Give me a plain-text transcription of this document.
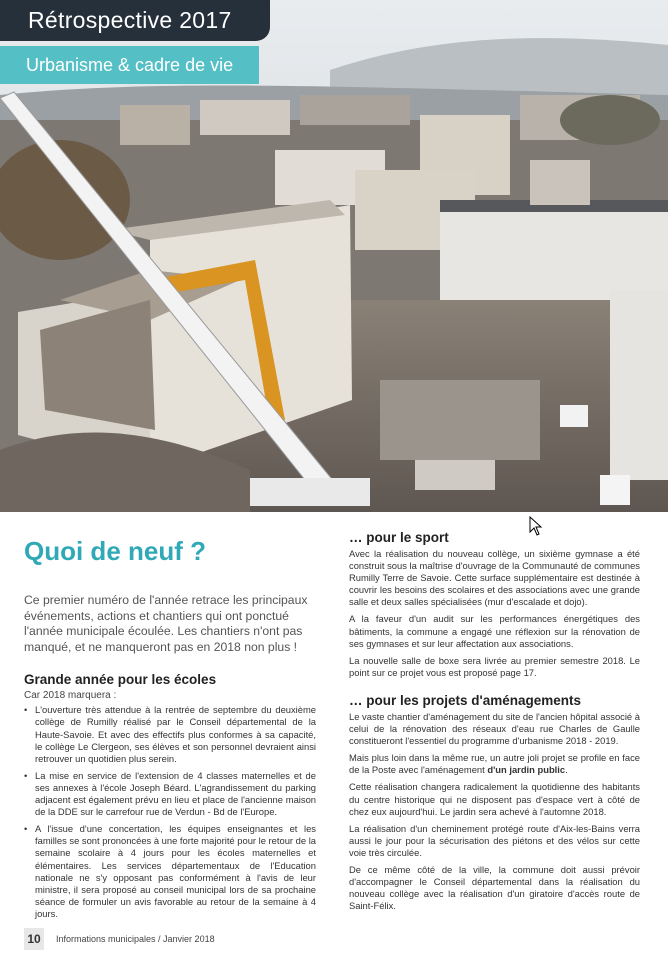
Rétrospective 2017
Urbanisme & cadre de vie
Quoi de neuf ?

Ce premier numéro de l'année retrace les principaux événements, actions et chantiers qui ont ponctué l'année municipale écoulée. Les chantiers n'ont pas manqué, et ne manqueront pas en 2018 non plus !

Grande année pour les écoles
Car 2018 marquera :
• L'ouverture très attendue à la rentrée de septembre du deuxième collège de Rumilly réalisé par le Conseil départemental de la Haute-Savoie. Et avec des effectifs plus conformes à sa capacité, le collège Le Clergeon, ses élèves et son personnel devraient ainsi retrouver un quotidien plus serein.
• La mise en service de l'extension de 4 classes maternelles et de ses annexes à l'école Joseph Béard. L'agrandissement du parking adjacent est également prévu en lieu et place de l'ancienne maison de la DDE sur le carrefour rue de Verdun - Bd de l'Europe.
• A l'issue d'une concertation, les équipes enseignantes et les familles se sont prononcées à une forte majorité pour le retour de la semaine scolaire à 4 jours pour les écoles maternelles et élémentaires. Les services départementaux de l'Education nationale ne s'y opposant pas conformément à l'avis de leur ministre, il sera proposé au conseil municipal lors de sa prochaine séance de formuler un avis favorable au retour de la semaine à 4 jours.
… pour le sport

Avec la réalisation du nouveau collège, un sixième gymnase a été construit sous la maîtrise d'ouvrage de la Communauté de communes Rumilly Terre de Savoie. Cette surface supplémentaire est destinée à couvrir les besoins des scolaires et des associations avec une grande salle et deux salles spécialisées (mur d'escalade et dojo).

A la faveur d'un audit sur les performances énergétiques des bâtiments, la commune a engagé une réflexion sur la rénovation de ses gymnases et sur leur affectation aux associations.

La nouvelle salle de boxe sera livrée au premier semestre 2018. Le point sur ce projet vous est proposé page 17.

… pour les projets d'aménagements

Le vaste chantier d'aménagement du site de l'ancien hôpital associé à celui de la rénovation des réseaux d'eau rue Charles de Gaulle constitueront l'essentiel du programme d'urbanisme 2018 - 2019.

Mais plus loin dans la même rue, un autre joli projet se profile en face de la Poste avec l'aménagement d'un jardin public.

Cette réalisation changera radicalement la quotidienne des habitants du centre historique qui ne disposent pas d'espace vert à côté de chez eux aujourd'hui. Le jardin sera achevé à l'automne 2018.

La réalisation d'un cheminement protégé route d'Aix-les-Bains verra aussi le jour pour la sécurisation des piétons et des vélos sur cette voie très circulée.

De ce même côté de la ville, la commune doit aussi prévoir d'accompagner le Conseil départemental dans la réalisation du nouveau collège avec la réalisation d'un giratoire d'accès route de Saint-Félix.

10	Informations municipales / Janvier 2018
